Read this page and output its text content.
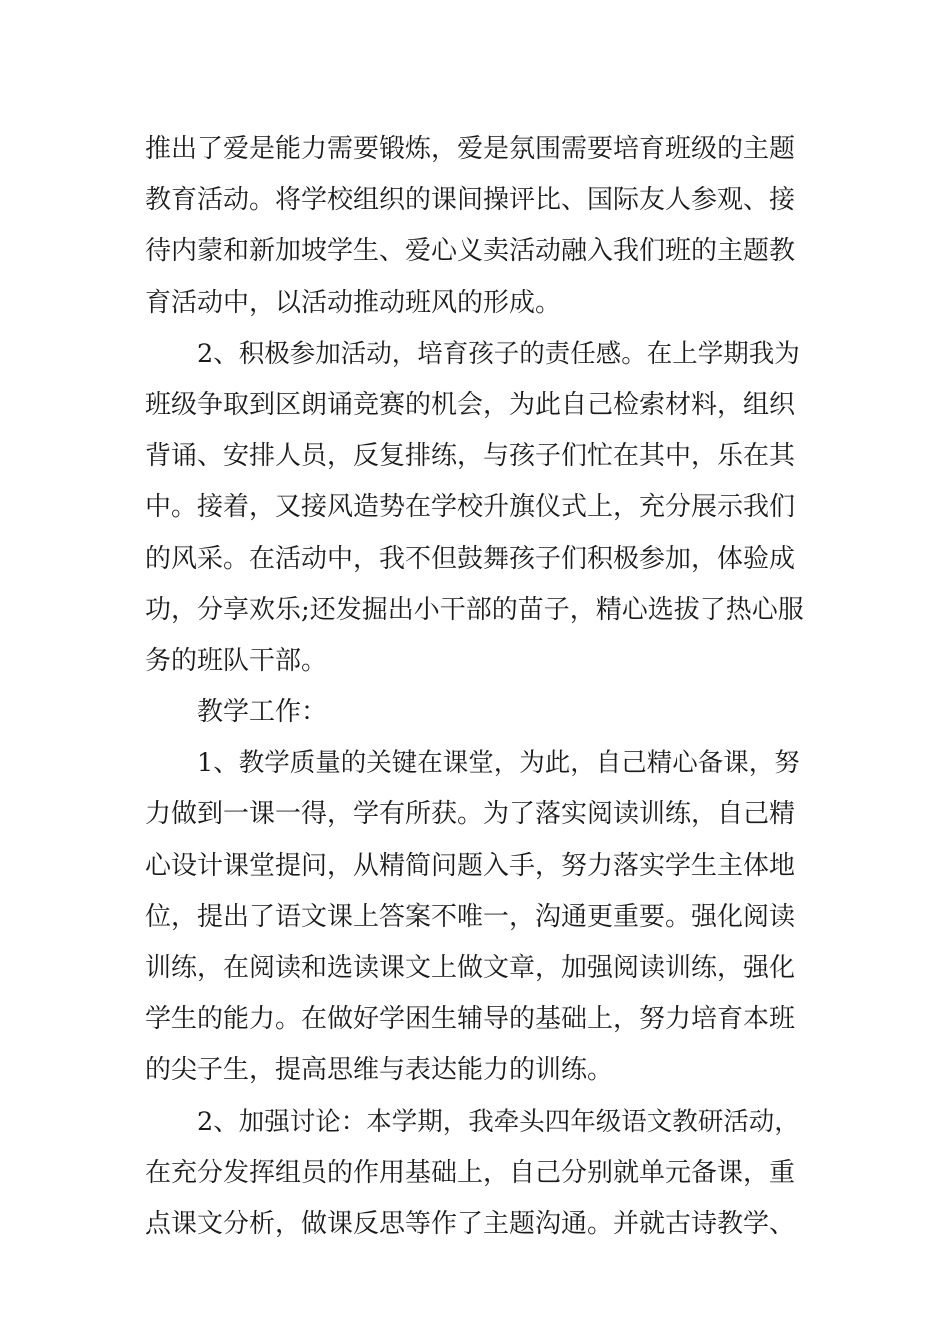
推出了爱是能力需要锻炼，爱是氛围需要培育班级的主题
教育活动。将学校组织的课间操评比、国际友人参观、接
待内蒙和新加坡学生、爱心义卖活动融入我们班的主题教
育活动中，以活动推动班风的形成。
2、积极参加活动，培育孩子的责任感。在上学期我为
班级争取到区朗诵竞赛的机会，为此自己检索材料，组织
背诵、安排人员，反复排练，与孩子们忙在其中，乐在其
中。接着，又接风造势在学校升旗仪式上，充分展示我们
的风采。在活动中，我不但鼓舞孩子们积极参加，体验成
功，分享欢乐;还发掘出小干部的苗子，精心选拔了热心服
务的班队干部。
教学工作：
1、教学质量的关键在课堂，为此，自己精心备课，努
力做到一课一得，学有所获。为了落实阅读训练，自己精
心设计课堂提问，从精简问题入手，努力落实学生主体地
位，提出了语文课上答案不唯一，沟通更重要。强化阅读
训练，在阅读和选读课文上做文章，加强阅读训练，强化
学生的能力。在做好学困生辅导的基础上，努力培育本班
的尖子生，提高思维与表达能力的训练。
2、加强讨论：本学期，我牵头四年级语文教研活动，
在充分发挥组员的作用基础上，自己分别就单元备课，重
点课文分析，做课反思等作了主题沟通。并就古诗教学、
